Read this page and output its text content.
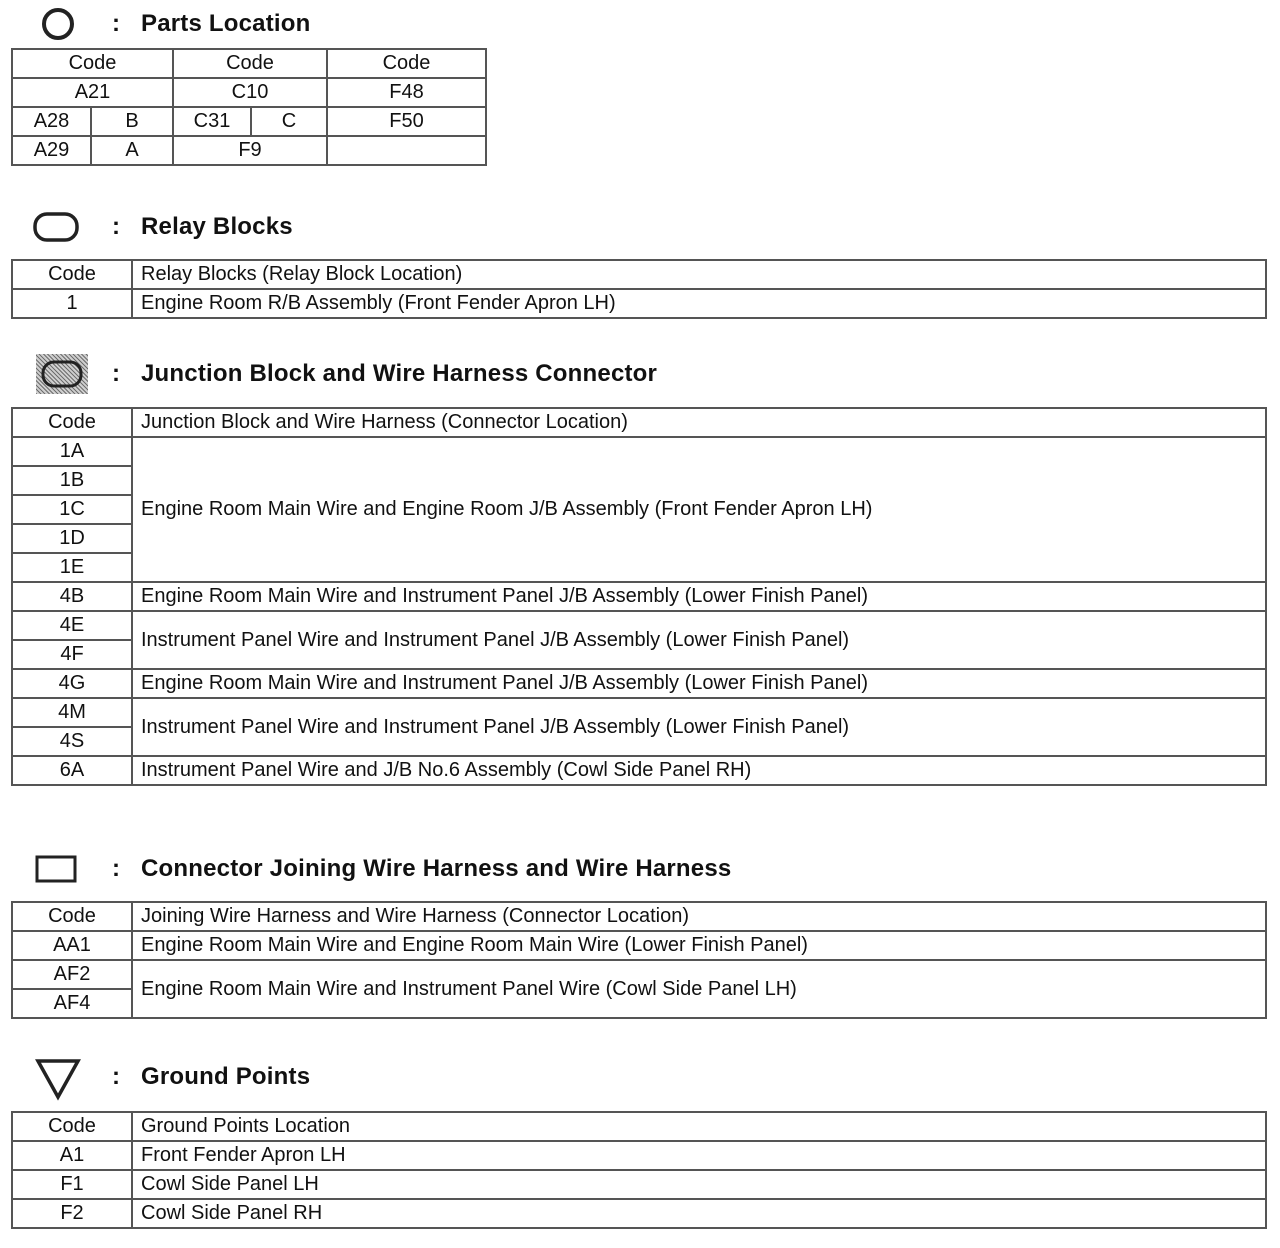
: Parts Location
Code		Code		Code
A21		C10		F48
A28	B	C31	C	F50
A29	A	F9		
: Relay Blocks
Code	Relay Blocks (Relay Block Location)
1	Engine Room R/B Assembly (Front Fender Apron LH)
: Junction Block and Wire Harness Connector
Code	Junction Block and Wire Harness (Connector Location)
1A	Engine Room Main Wire and Engine Room J/B Assembly (Front Fender Apron LH)
1B	
1C	
1D	
1E	
4B	Engine Room Main Wire and Instrument Panel J/B Assembly (Lower Finish Panel)
4E	Instrument Panel Wire and Instrument Panel J/B Assembly (Lower Finish Panel)
4F	
4G	Engine Room Main Wire and Instrument Panel J/B Assembly (Lower Finish Panel)
4M	Instrument Panel Wire and Instrument Panel J/B Assembly (Lower Finish Panel)
4S	
6A	Instrument Panel Wire and J/B No.6 Assembly (Cowl Side Panel RH)
: Connector Joining Wire Harness and Wire Harness
Code	Joining Wire Harness and Wire Harness (Connector Location)
AA1	Engine Room Main Wire and Engine Room Main Wire (Lower Finish Panel)
AF2	Engine Room Main Wire and Instrument Panel Wire (Cowl Side Panel LH)
AF4	
: Ground Points
Code	Ground Points Location
A1	Front Fender Apron LH
F1	Cowl Side Panel LH
F2	Cowl Side Panel RH
